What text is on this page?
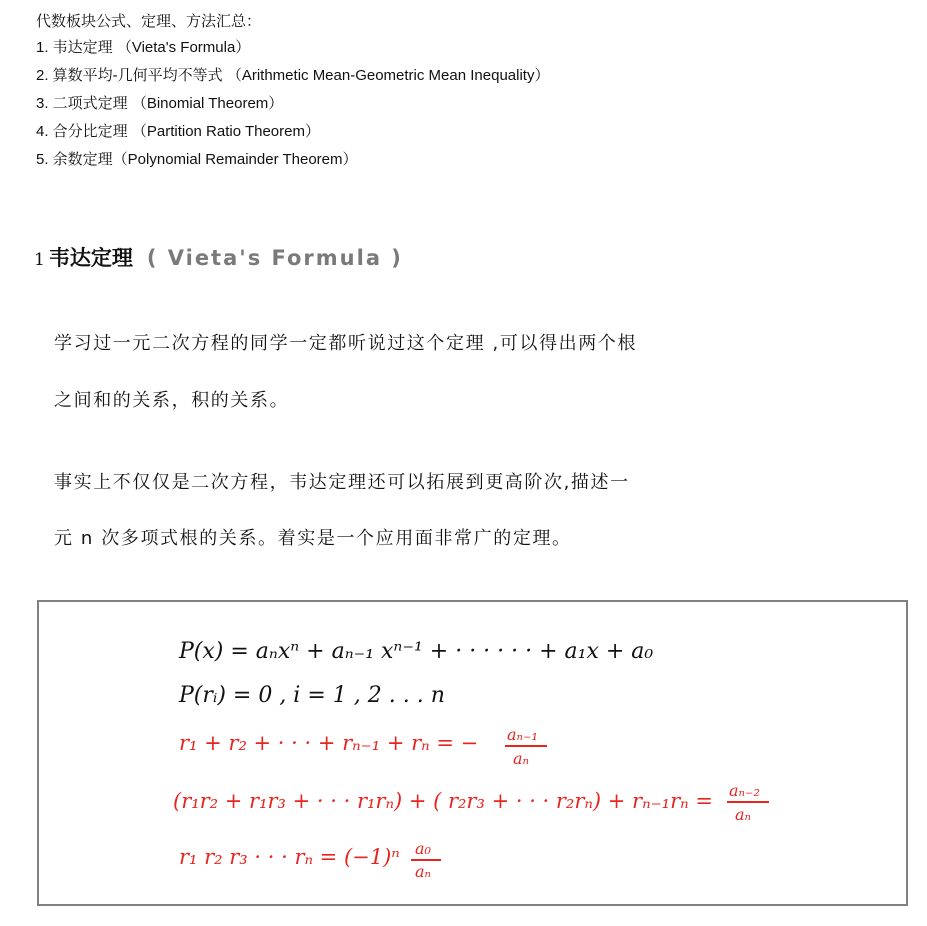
代数板块公式、定理、方法汇总：
1. 韦达定理 （Vieta's Formula）
2. 算数平均-几何平均不等式 （Arithmetic Mean-Geometric Mean Inequality）
3. 二项式定理 （Binomial Theorem）
4. 合分比定理 （Partition Ratio Theorem）
5. 余数定理（Polynomial Remainder Theorem）
1 韦达定理 ( Vieta's Formula )
学习过一元二次方程的同学一定都听说过这个定理 ,可以得出两个根
之间和的关系，积的关系。
事实上不仅仅是二次方程，韦达定理还可以拓展到更高阶次,描述一
元 n 次多项式根的关系。着实是一个应用面非常广的定理。
P(x) = aₙxⁿ + aₙ₋₁ xⁿ⁻¹ + · · · · · · + a₁x + a₀
P(rᵢ) = 0 , i = 1 , 2 . . . n
r₁ + r₂ + · · · + rₙ₋₁ + rₙ = − aₙ₋₁
aₙ
(r₁r₂ + r₁r₃ + · · · r₁rₙ) + ( r₂r₃ + · · · r₂rₙ) + rₙ₋₁rₙ = aₙ₋₂
aₙ
r₁ r₂ r₃ · · · rₙ = (−1)ⁿ a₀
aₙ
